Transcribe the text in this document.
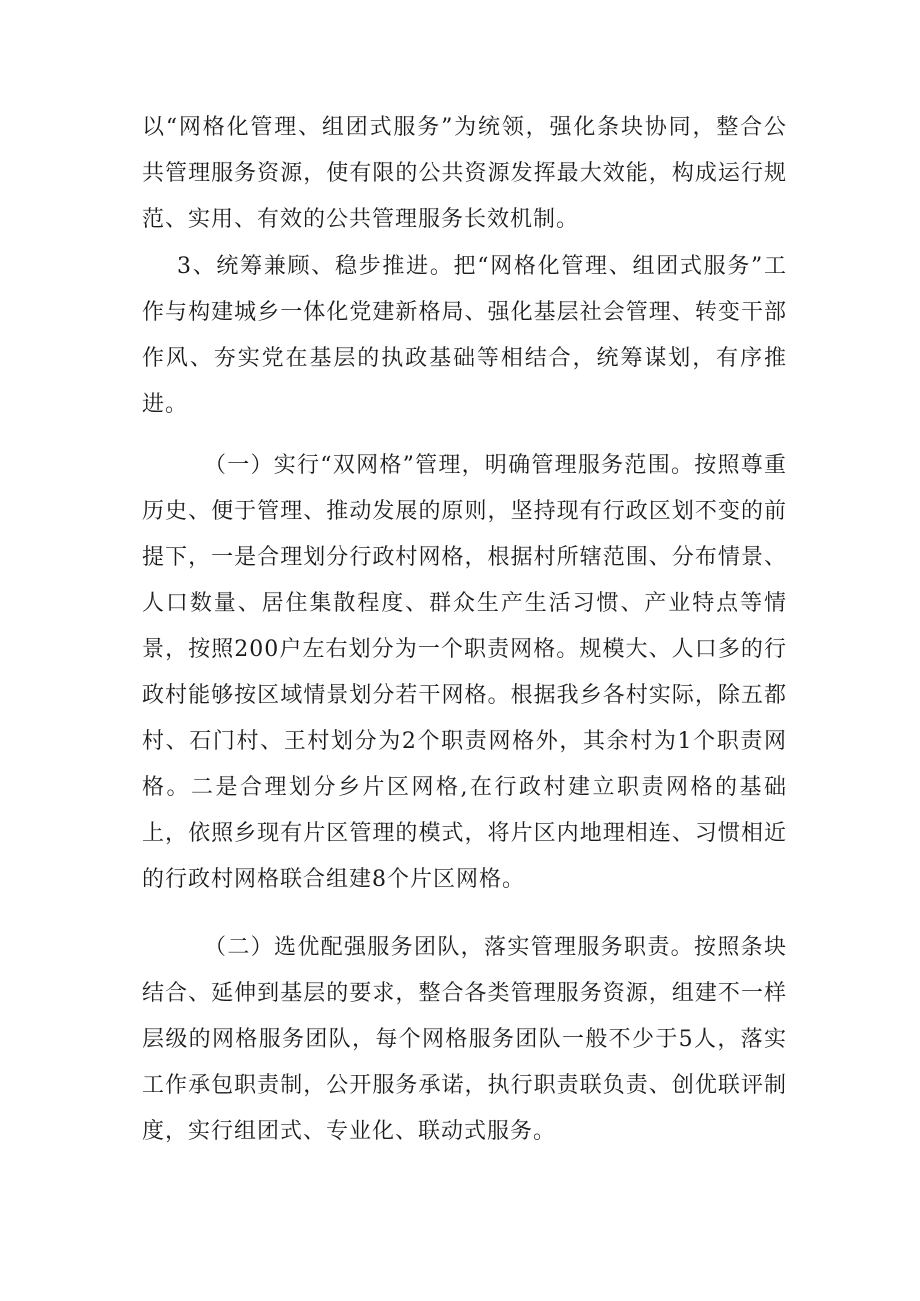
以“网格化管理、组团式服务”为统领，强化条块协同，整合公共管理服务资源，使有限的公共资源发挥最大效能，构成运行规范、实用、有效的公共管理服务长效机制。

3、统筹兼顾、稳步推进。把“网格化管理、组团式服务”工作与构建城乡一体化党建新格局、强化基层社会管理、转变干部作风、夯实党在基层的执政基础等相结合，统筹谋划，有序推进。

（一）实行“双网格”管理，明确管理服务范围。按照尊重历史、便于管理、推动发展的原则，坚持现有行政区划不变的前提下，一是合理划分行政村网格，根据村所辖范围、分布情景、人口数量、居住集散程度、群众生产生活习惯、产业特点等情景，按照200户左右划分为一个职责网格。规模大、人口多的行政村能够按区域情景划分若干网格。根据我乡各村实际，除五都村、石门村、王村划分为2个职责网格外，其余村为1个职责网格。二是合理划分乡片区网格,在行政村建立职责网格的基础上，依照乡现有片区管理的模式，将片区内地理相连、习惯相近的行政村网格联合组建8个片区网格。

（二）选优配强服务团队，落实管理服务职责。按照条块结合、延伸到基层的要求，整合各类管理服务资源，组建不一样层级的网格服务团队，每个网格服务团队一般不少于5人，落实工作承包职责制，公开服务承诺，执行职责联负责、创优联评制度，实行组团式、专业化、联动式服务。
